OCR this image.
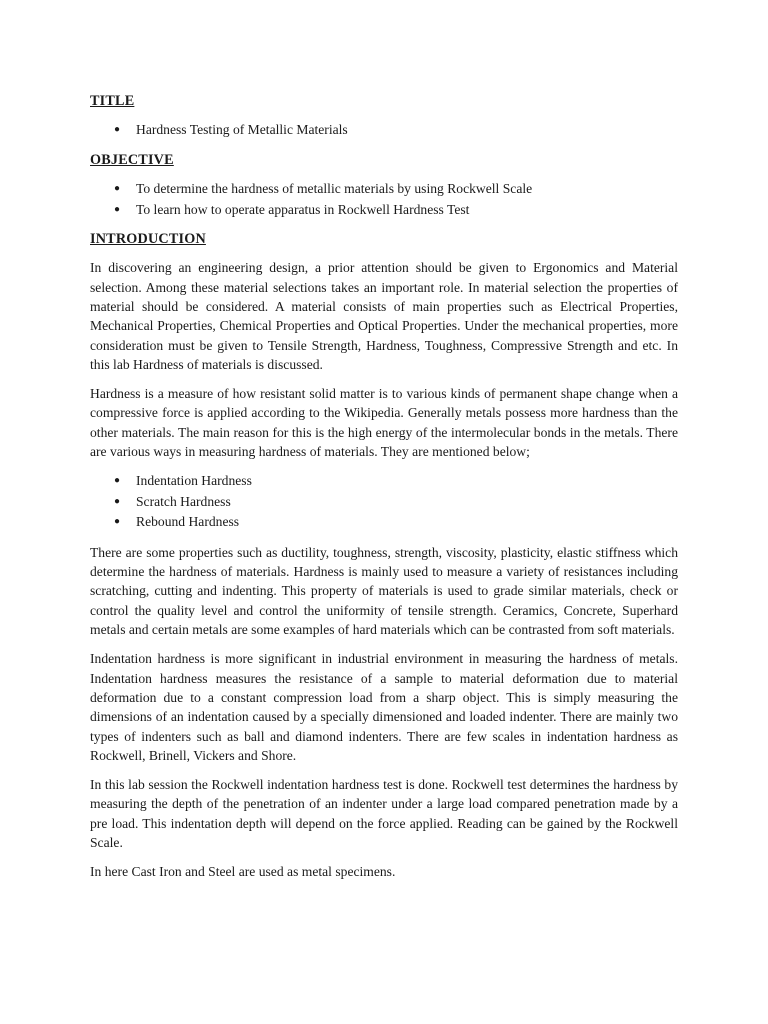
TITLE
● Hardness Testing of Metallic Materials
OBJECTIVE
● To determine the hardness of metallic materials by using Rockwell Scale
● To learn how to operate apparatus in Rockwell Hardness Test
INTRODUCTION

In discovering an engineering design, a prior attention should be given to Ergonomics and Material selection. Among these material selections takes an important role. In material selection the properties of material should be considered. A material consists of main properties such as Electrical Properties, Mechanical Properties, Chemical Properties and Optical Properties. Under the mechanical properties, more consideration must be given to Tensile Strength, Hardness, Toughness, Compressive Strength and etc. In this lab Hardness of materials is discussed.

Hardness is a measure of how resistant solid matter is to various kinds of permanent shape change when a compressive force is applied according to the Wikipedia. Generally metals possess more hardness than the other materials. The main reason for this is the high energy of the intermolecular bonds in the metals. There are various ways in measuring hardness of materials. They are mentioned below;

● Indentation Hardness
● Scratch Hardness
● Rebound Hardness

There are some properties such as ductility, toughness, strength, viscosity, plasticity, elastic stiffness which determine the hardness of materials. Hardness is mainly used to measure a variety of resistances including scratching, cutting and indenting. This property of materials is used to grade similar materials, check or control the quality level and control the uniformity of tensile strength. Ceramics, Concrete, Superhard metals and certain metals are some examples of hard materials which can be contrasted from soft materials.

Indentation hardness is more significant in industrial environment in measuring the hardness of metals. Indentation hardness measures the resistance of a sample to material deformation due to material deformation due to a constant compression load from a sharp object. This is simply measuring the dimensions of an indentation caused by a specially dimensioned and loaded indenter. There are mainly two types of indenters such as ball and diamond indenters. There are few scales in indentation hardness as Rockwell, Brinell, Vickers and Shore.

In this lab session the Rockwell indentation hardness test is done. Rockwell test determines the hardness by measuring the depth of the penetration of an indenter under a large load compared penetration made by a pre load. This indentation depth will depend on the force applied. Reading can be gained by the Rockwell Scale.

In here Cast Iron and Steel are used as metal specimens.
